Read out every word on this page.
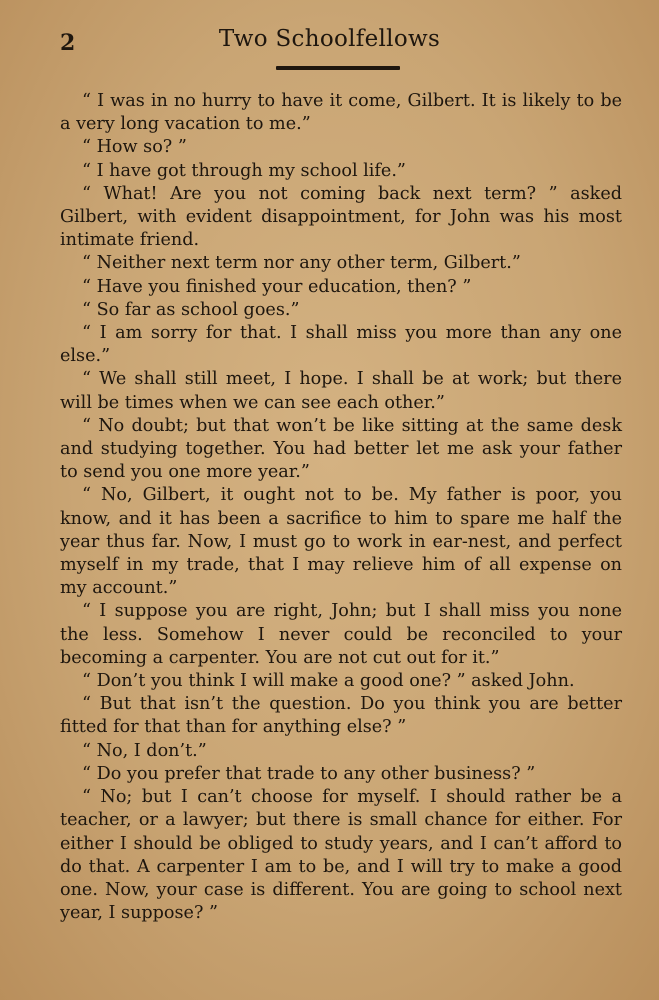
2	Two Schoolfellows

“ I was in no hurry to have it come, Gilbert. It is likely to be a very long vacation to me.”

“ How so? ”

“ I have got through my school life.”

“ What! Are you not coming back next term? ” asked Gilbert, with evident disappointment, for John was his most intimate friend.

“ Neither next term nor any other term, Gilbert.”

“ Have you finished your education, then? ”

“ So far as school goes.”

“ I am sorry for that. I shall miss you more than any one else.”

“ We shall still meet, I hope. I shall be at work; but there will be times when we can see each other.”

“ No doubt; but that won’t be like sitting at the same desk and studying together. You had better let me ask your father to send you one more year.”

“ No, Gilbert, it ought not to be. My father is poor, you know, and it has been a sacrifice to him to spare me half the year thus far. Now, I must go to work in ear-nest, and perfect myself in my trade, that I may relieve him of all expense on my account.”

“ I suppose you are right, John; but I shall miss you none the less. Somehow I never could be reconciled to your becoming a carpenter. You are not cut out for it.”

“ Don’t you think I will make a good one? ” asked John.

“ But that isn’t the question. Do you think you are better fitted for that than for anything else? ”

“ No, I don’t.”

“ Do you prefer that trade to any other business? ”

“ No; but I can’t choose for myself. I should rather be a teacher, or a lawyer; but there is small chance for either. For either I should be obliged to study years, and I can’t afford to do that. A carpenter I am to be, and I will try to make a good one. Now, your case is different. You are going to school next year, I suppose? ”
